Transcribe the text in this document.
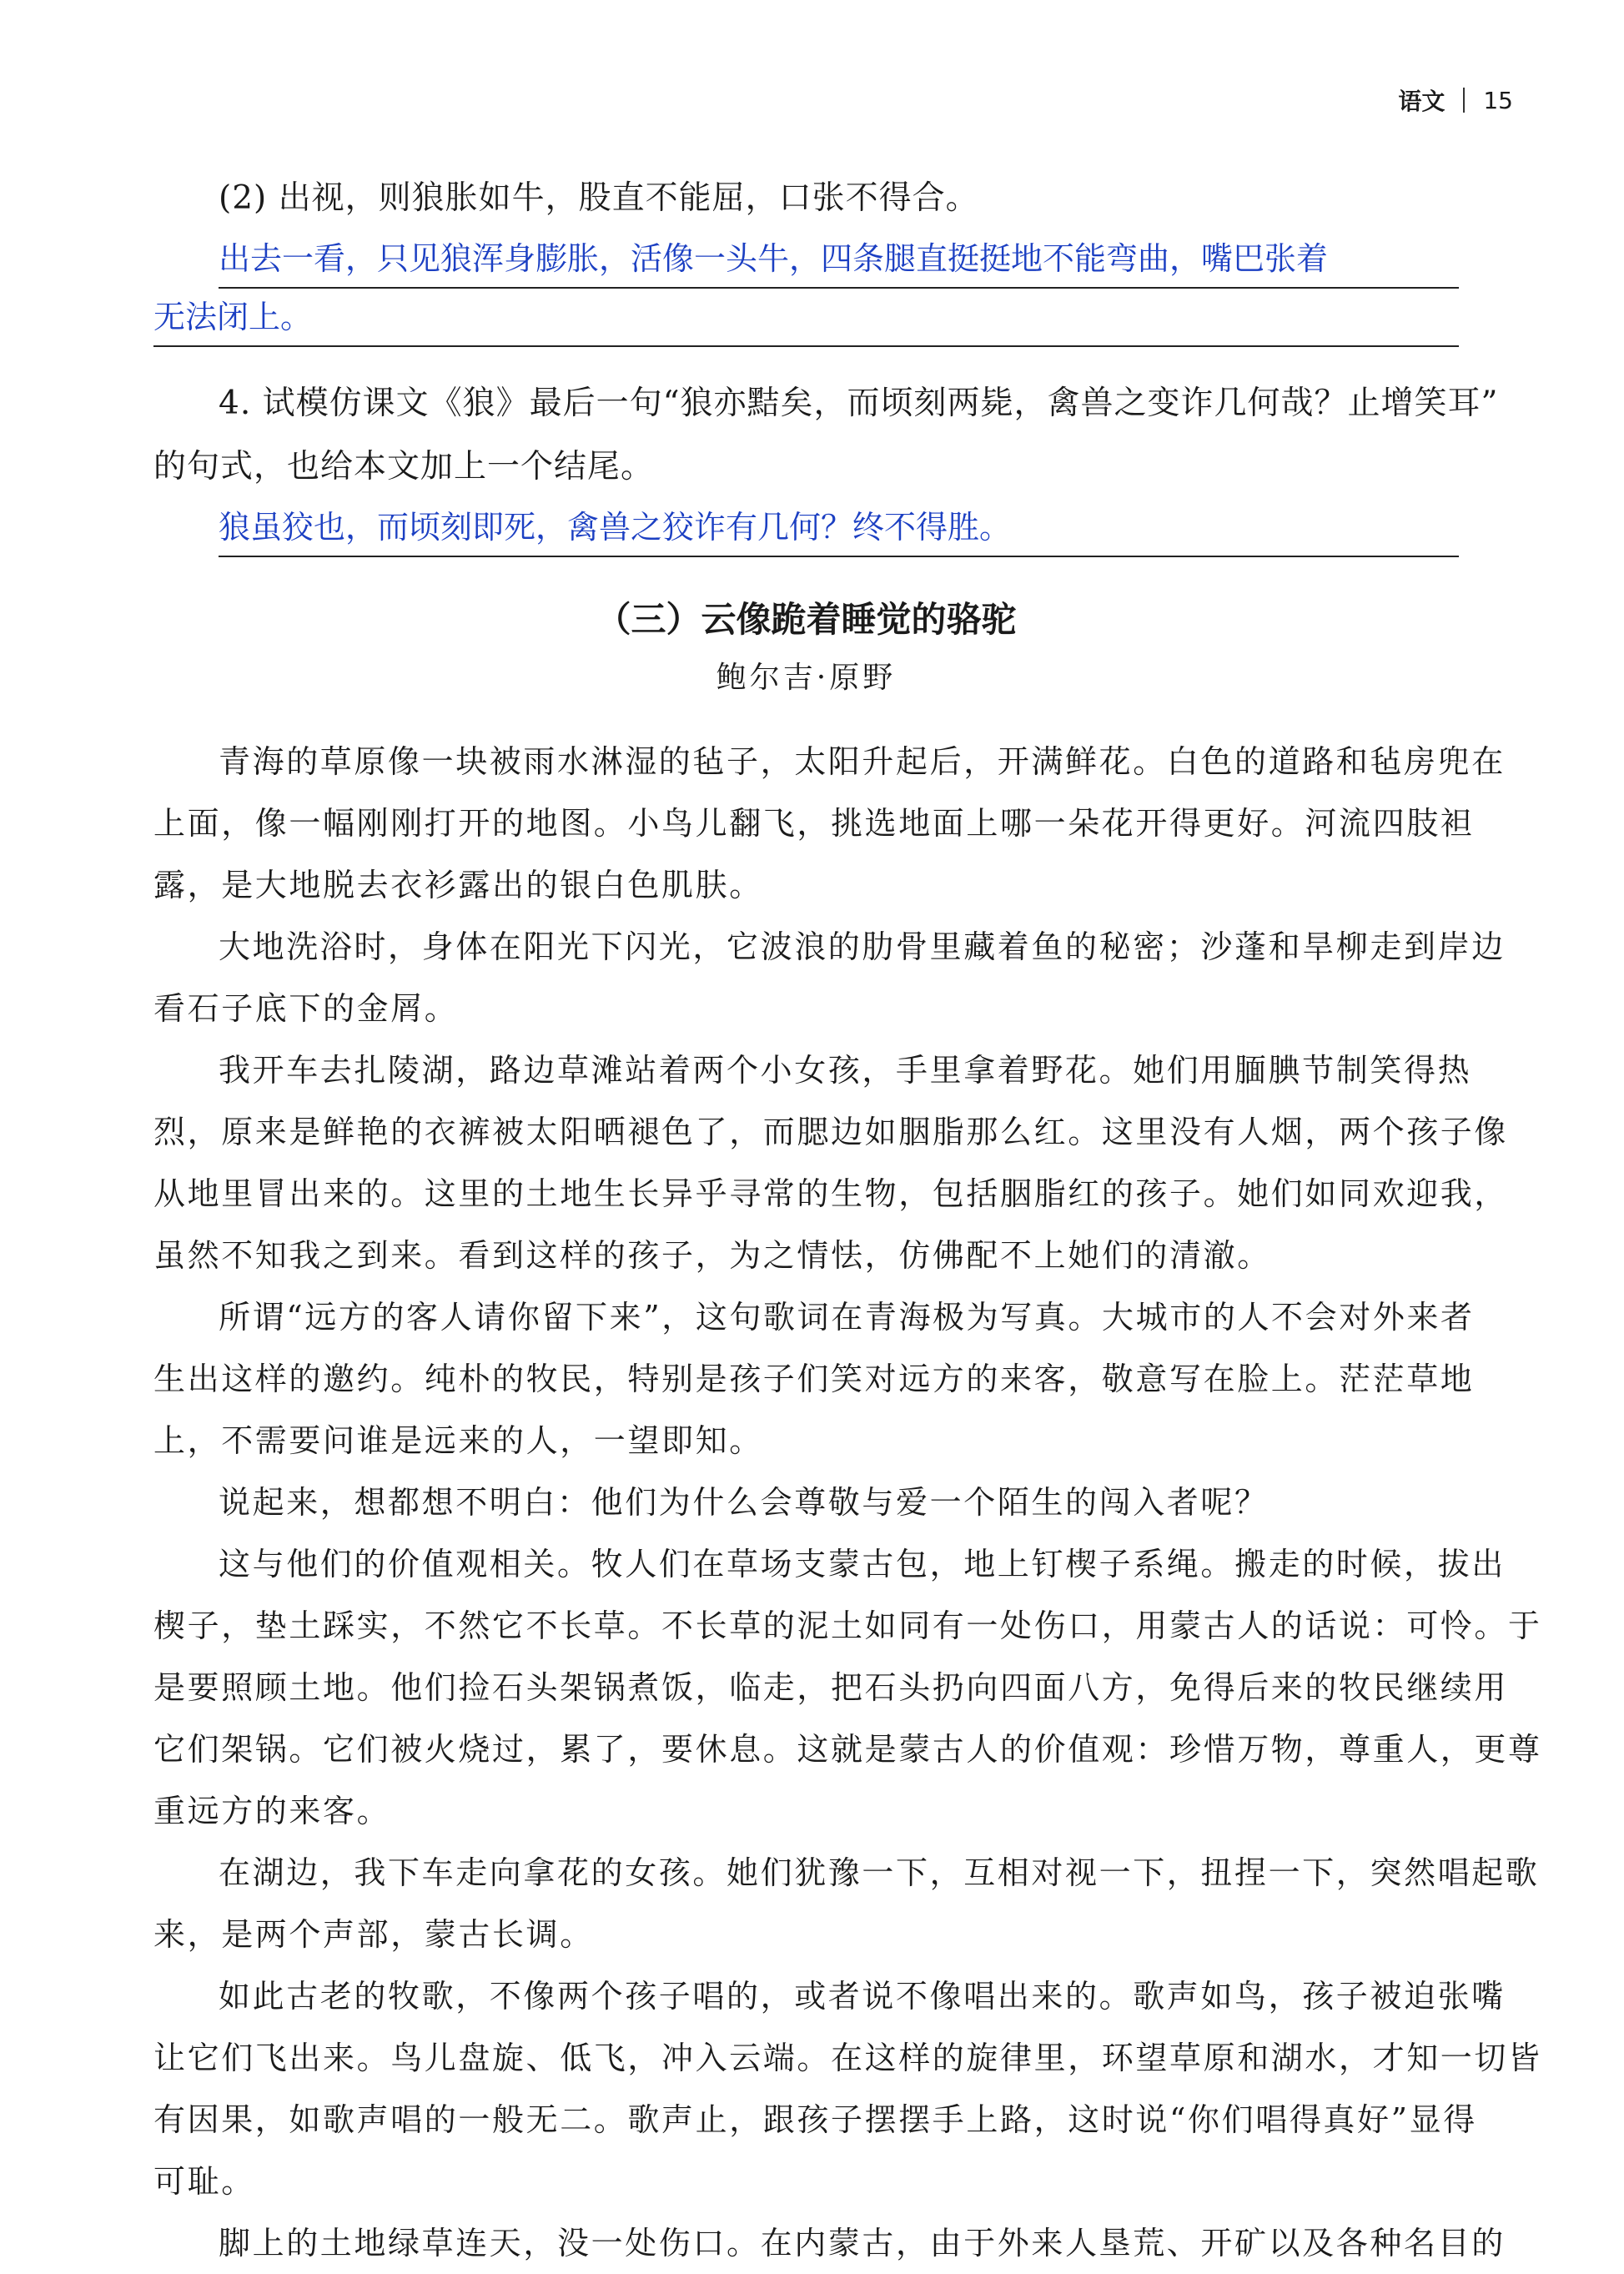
语文 15
(2) 出视，则狼胀如牛，股直不能屈，口张不得合。
出去一看，只见狼浑身膨胀，活像一头牛，四条腿直挺挺地不能弯曲，嘴巴张着
无法闭上。
4. 试模仿课文《狼》最后一句“狼亦黠矣，而顷刻两毙，禽兽之变诈几何哉？止增笑耳”
的句式，也给本文加上一个结尾。
狼虽狡也，而顷刻即死，禽兽之狡诈有几何？终不得胜。
（三）云像跪着睡觉的骆驼
鲍尔吉·原野
青海的草原像一块被雨水淋湿的毡子，太阳升起后，开满鲜花。白色的道路和毡房兜在
上面，像一幅刚刚打开的地图。小鸟儿翻飞，挑选地面上哪一朵花开得更好。河流四肢袒
露，是大地脱去衣衫露出的银白色肌肤。
大地洗浴时，身体在阳光下闪光，它波浪的肋骨里藏着鱼的秘密；沙蓬和旱柳走到岸边
看石子底下的金屑。
我开车去扎陵湖，路边草滩站着两个小女孩，手里拿着野花。她们用腼腆节制笑得热
烈，原来是鲜艳的衣裤被太阳晒褪色了，而腮边如胭脂那么红。这里没有人烟，两个孩子像
从地里冒出来的。这里的土地生长异乎寻常的生物，包括胭脂红的孩子。她们如同欢迎我，
虽然不知我之到来。看到这样的孩子，为之情怯，仿佛配不上她们的清澈。
所谓“远方的客人请你留下来”，这句歌词在青海极为写真。大城市的人不会对外来者
生出这样的邀约。纯朴的牧民，特别是孩子们笑对远方的来客，敬意写在脸上。茫茫草地
上，不需要问谁是远来的人，一望即知。
说起来，想都想不明白：他们为什么会尊敬与爱一个陌生的闯入者呢？
这与他们的价值观相关。牧人们在草场支蒙古包，地上钉楔子系绳。搬走的时候，拔出
楔子，垫土踩实，不然它不长草。不长草的泥土如同有一处伤口，用蒙古人的话说：可怜。于
是要照顾土地。他们捡石头架锅煮饭，临走，把石头扔向四面八方，免得后来的牧民继续用
它们架锅。它们被火烧过，累了，要休息。这就是蒙古人的价值观：珍惜万物，尊重人，更尊
重远方的来客。
在湖边，我下车走向拿花的女孩。她们犹豫一下，互相对视一下，扭捏一下，突然唱起歌
来，是两个声部，蒙古长调。
如此古老的牧歌，不像两个孩子唱的，或者说不像唱出来的。歌声如鸟，孩子被迫张嘴
让它们飞出来。鸟儿盘旋、低飞，冲入云端。在这样的旋律里，环望草原和湖水，才知一切皆
有因果，如歌声唱的一般无二。歌声止，跟孩子摆摆手上路，这时说“你们唱得真好”显得
可耻。
脚上的土地绿草连天，没一处伤口。在内蒙古，由于外来人垦荒、开矿以及各种名目的
